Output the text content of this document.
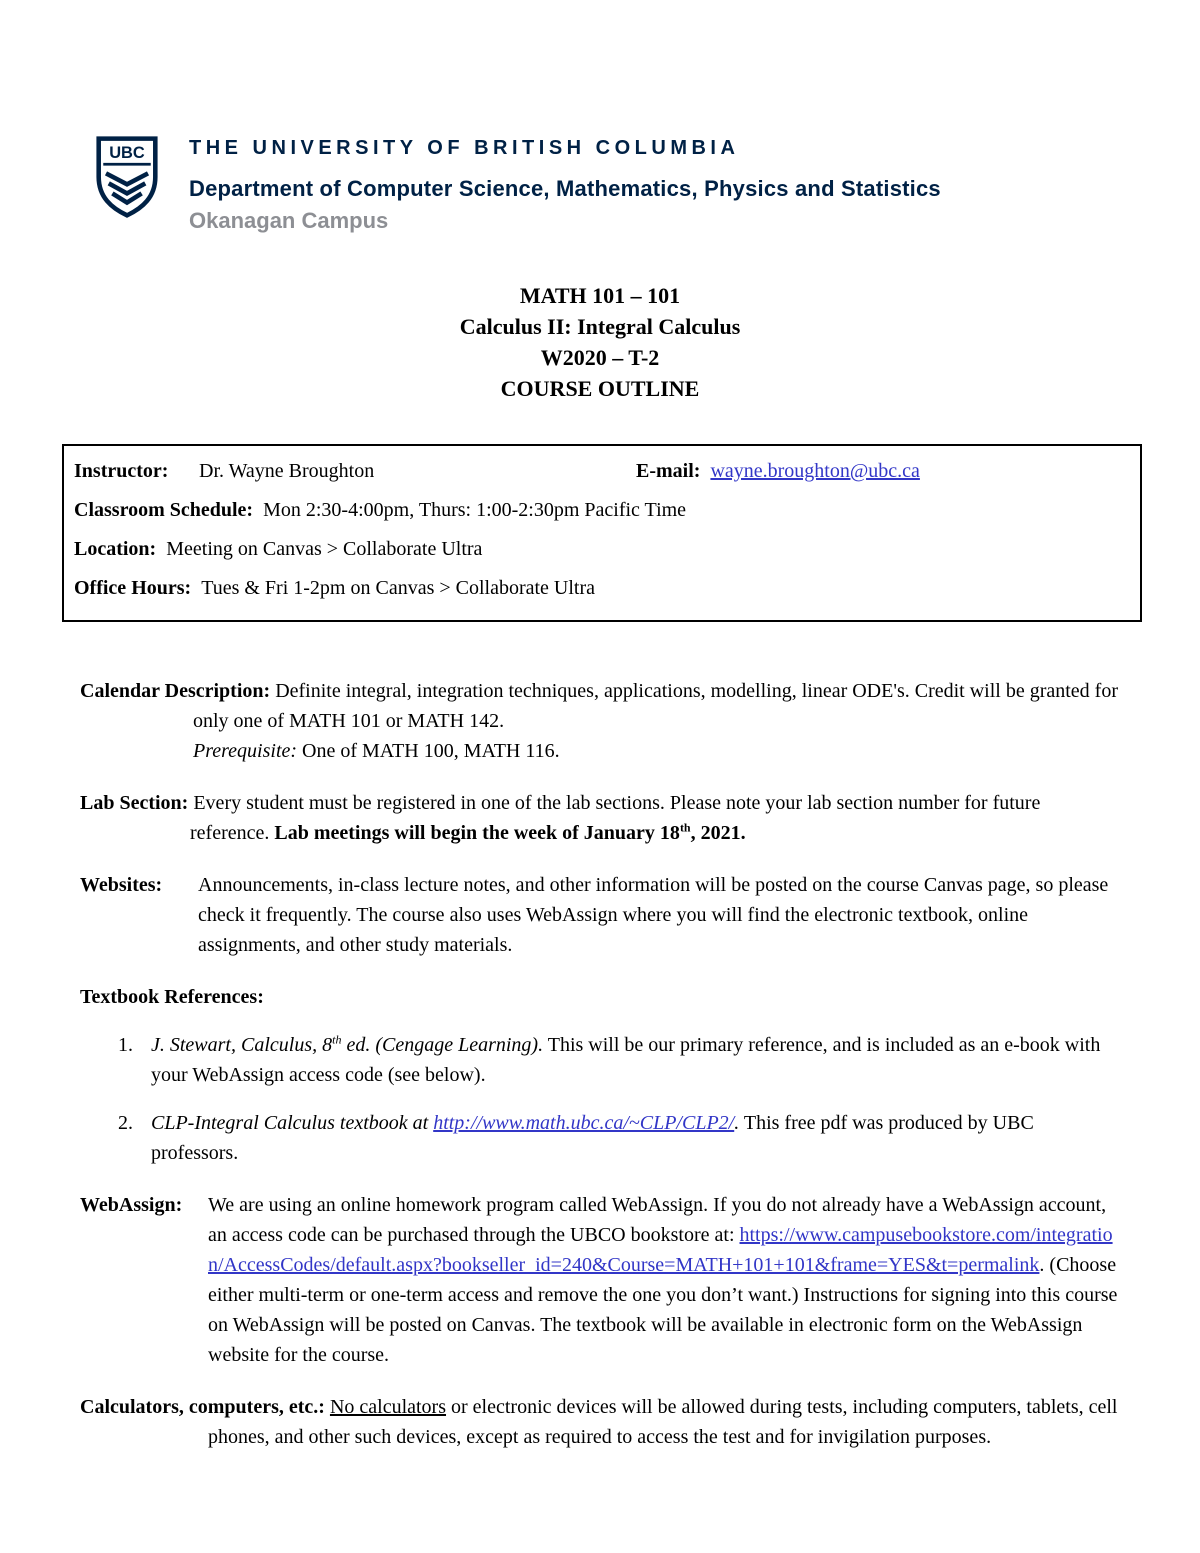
UBC THE UNIVERSITY OF BRITISH COLUMBIA
Department of Computer Science, Mathematics, Physics and Statistics
Okanagan Campus
MATH 101 – 101
Calculus II: Integral Calculus
W2020 – T-2
COURSE OUTLINE
Instructor: Dr. Wayne Broughton	E-mail: wayne.broughton@ubc.ca
Classroom Schedule: Mon 2:30-4:00pm, Thurs: 1:00-2:30pm Pacific Time
Location: Meeting on Canvas > Collaborate Ultra
Office Hours: Tues & Fri 1-2pm on Canvas > Collaborate Ultra

Calendar Description: Definite integral, integration techniques, applications, modelling, linear ODE's. Credit will be granted for only one of MATH 101 or MATH 142.
Prerequisite: One of MATH 100, MATH 116.

Lab Section: Every student must be registered in one of the lab sections. Please note your lab section number for future reference. Lab meetings will begin the week of January 18th, 2021.

Websites: Announcements, in-class lecture notes, and other information will be posted on the course Canvas page, so please check it frequently. The course also uses WebAssign where you will find the electronic textbook, online assignments, and other study materials.

Textbook References:

1. J. Stewart, Calculus, 8th ed. (Cengage Learning). This will be our primary reference, and is included as an e-book with your WebAssign access code (see below).
2. CLP-Integral Calculus textbook at http://www.math.ubc.ca/~CLP/CLP2/. This free pdf was produced by UBC professors.

WebAssign: We are using an online homework program called WebAssign. If you do not already have a WebAssign account, an access code can be purchased through the UBCO bookstore at: https://www.campusebookstore.com/integration/AccessCodes/default.aspx?bookseller_id=240&Course=MATH+101+101&frame=YES&t=permalink. (Choose either multi-term or one-term access and remove the one you don’t want.) Instructions for signing into this course on WebAssign will be posted on Canvas. The textbook will be available in electronic form on the WebAssign website for the course.

Calculators, computers, etc.: No calculators or electronic devices will be allowed during tests, including computers, tablets, cell phones, and other such devices, except as required to access the test and for invigilation purposes.
